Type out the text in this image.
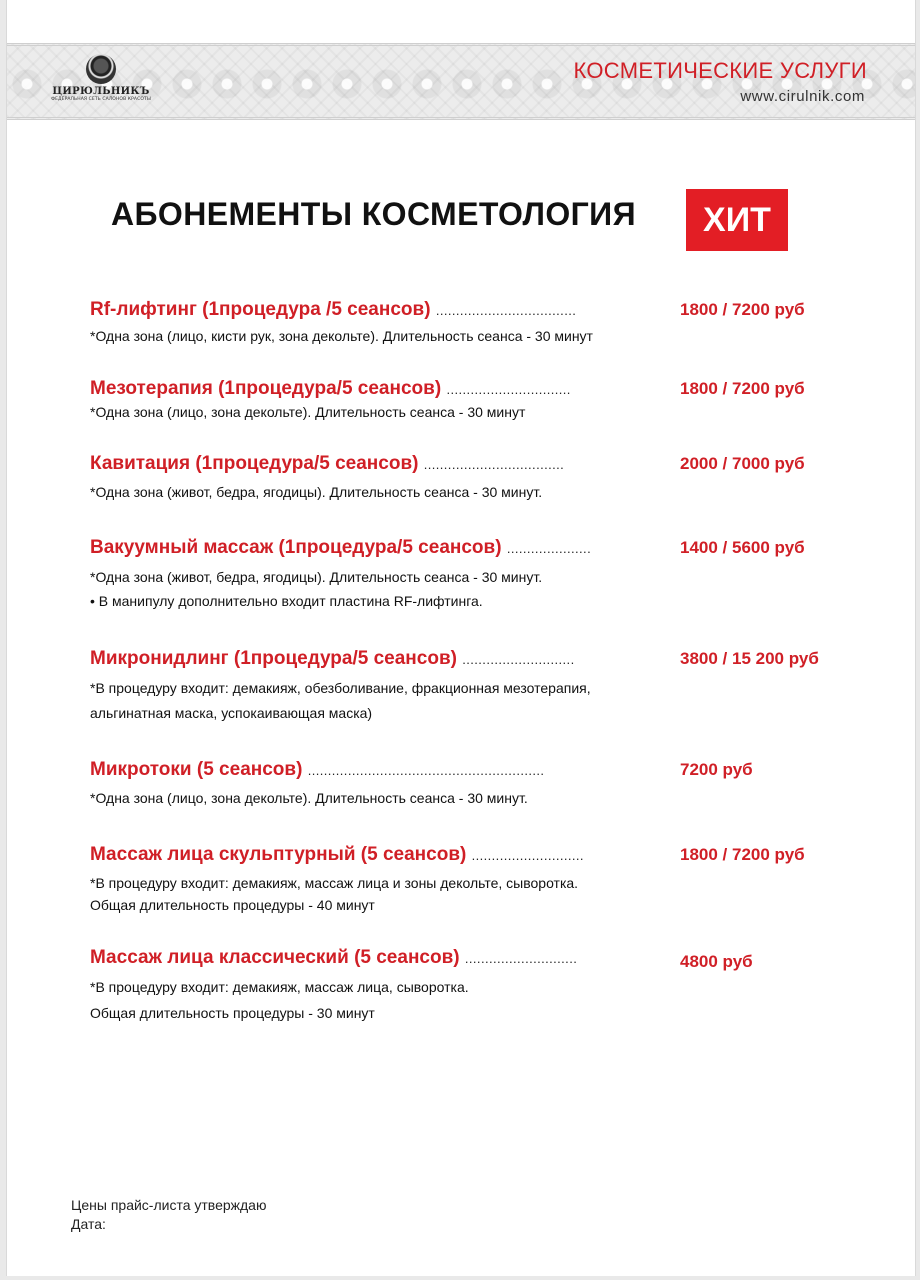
ЦИРЮЛЬНИКЪ
ФЕДЕРАЛЬНАЯ СЕТЬ САЛОНОВ КРАСОТЫ
КОСМЕТИЧЕСКИЕ УСЛУГИ
www.cirulnik.com
АБОНЕМЕНТЫ КОСМЕТОЛОГИЯ	ХИТ
Rf-лифтинг (1процедура /5 сеансов) ...................................	1800 / 7200 руб
*Одна зона (лицо, кисти рук, зона декольте). Длительность сеанса - 30 минут
Мезотерапия (1процедура/5 сеансов) ...............................	1800 / 7200 руб
*Одна зона (лицо, зона декольте). Длительность сеанса - 30 минут
Кавитация (1процедура/5 сеансов) ...................................	2000 / 7000 руб
*Одна зона (живот, бедра, ягодицы). Длительность сеанса - 30 минут.
Вакуумный массаж (1процедура/5 сеансов) .....................	1400 / 5600 руб
*Одна зона (живот, бедра, ягодицы). Длительность сеанса - 30 минут.
• В манипулу дополнительно входит пластина RF-лифтинга.
Микронидлинг (1процедура/5 сеансов) ............................	3800 / 15 200 руб
*В процедуру входит: демакияж, обезболивание, фракционная мезотерапия,
альгинатная маска, успокаивающая маска)
Микротоки (5 сеансов) ...........................................................	7200 руб
*Одна зона (лицо, зона декольте). Длительность сеанса - 30 минут.
Массаж лица скульптурный (5 сеансов) ............................	1800 / 7200 руб
*В процедуру входит: демакияж, массаж лица и зоны декольте, сыворотка.
Общая длительность процедуры - 40 минут
Массаж лица классический (5 сеансов) ............................	4800 руб
*В процедуру входит: демакияж, массаж лица, сыворотка.
Общая длительность процедуры - 30 минут
Цены прайс-листа утверждаю
Дата:
